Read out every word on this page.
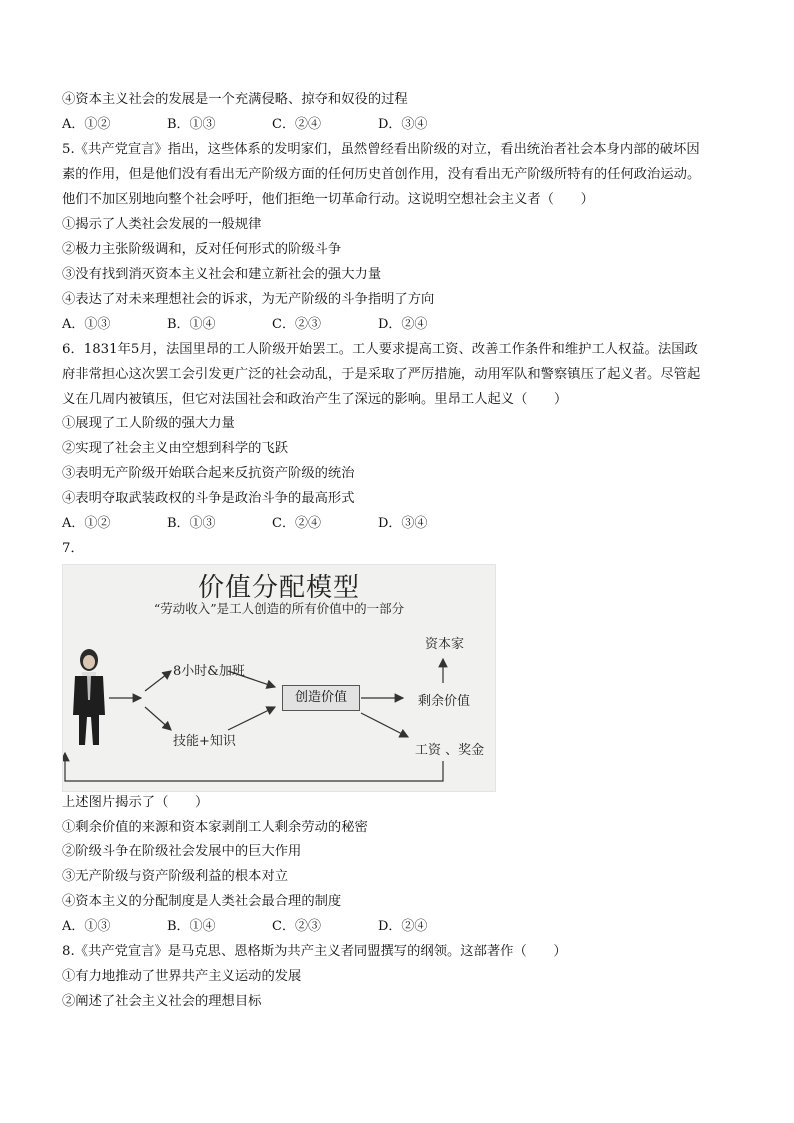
④资本主义社会的发展是一个充满侵略、掠夺和奴役的过程
A．①②	B．①③	C．②④	D．③④
5.《共产党宣言》指出，这些体系的发明家们，虽然曾经看出阶级的对立，看出统治者社会本身内部的破坏因
素的作用，但是他们没有看出无产阶级方面的任何历史首创作用，没有看出无产阶级所特有的任何政治运动。
他们不加区别地向整个社会呼吁，他们拒绝一切革命行动。这说明空想社会主义者（　　）
①揭示了人类社会发展的一般规律
②极力主张阶级调和，反对任何形式的阶级斗争
③没有找到消灭资本主义社会和建立新社会的强大力量
④表达了对未来理想社会的诉求，为无产阶级的斗争指明了方向
A．①③	B．①④	C．②③	D．②④
6．1831年5月，法国里昂的工人阶级开始罢工。工人要求提高工资、改善工作条件和维护工人权益。法国政
府非常担心这次罢工会引发更广泛的社会动乱，于是采取了严厉措施，动用军队和警察镇压了起义者。尽管起
义在几周内被镇压，但它对法国社会和政治产生了深远的影响。里昂工人起义（　　）
①展现了工人阶级的强大力量
②实现了社会主义由空想到科学的飞跃
③表明无产阶级开始联合起来反抗资产阶级的统治
④表明夺取武装政权的斗争是政治斗争的最高形式
A．①②	B．①③	C．②④	D．③④
7．
价值分配模型
“劳动收入”是工人创造的所有价值中的一部分
8小时&加班
技能+知识
创造价值
资本家
剩余价值
工资 、奖金
上述图片揭示了（　　）
①剩余价值的来源和资本家剥削工人剩余劳动的秘密
②阶级斗争在阶级社会发展中的巨大作用
③无产阶级与资产阶级利益的根本对立
④资本主义的分配制度是人类社会最合理的制度
A．①③	B．①④	C．②③	D．②④
8.《共产党宣言》是马克思、恩格斯为共产主义者同盟撰写的纲领。这部著作（　　）
①有力地推动了世界共产主义运动的发展
②阐述了社会主义社会的理想目标
